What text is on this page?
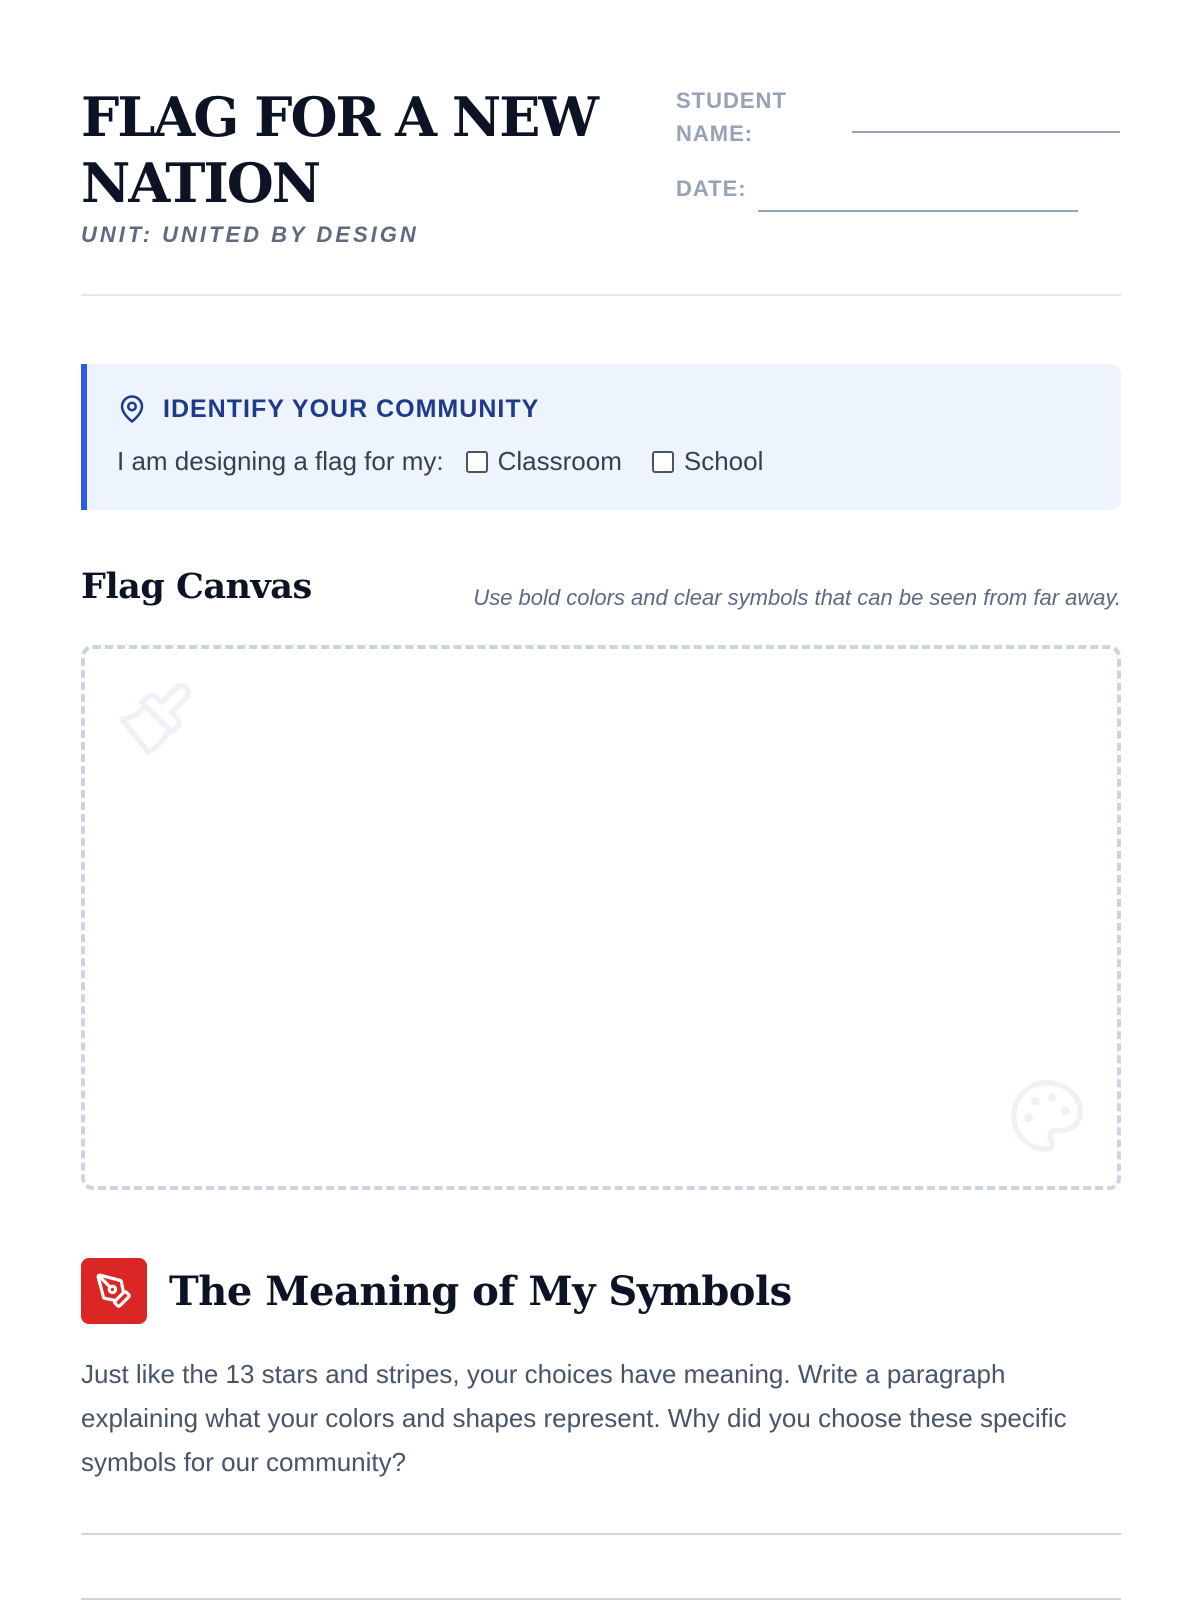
FLAG FOR A NEW NATION
UNIT: UNITED BY DESIGN
STUDENT NAME:
DATE:
IDENTIFY YOUR COMMUNITY
I am designing a flag for my: Classroom School
Flag Canvas	Use bold colors and clear symbols that can be seen from far away.
The Meaning of My Symbols
Just like the 13 stars and stripes, your choices have meaning. Write a paragraph explaining what your colors and shapes represent. Why did you choose these specific symbols for our community?
